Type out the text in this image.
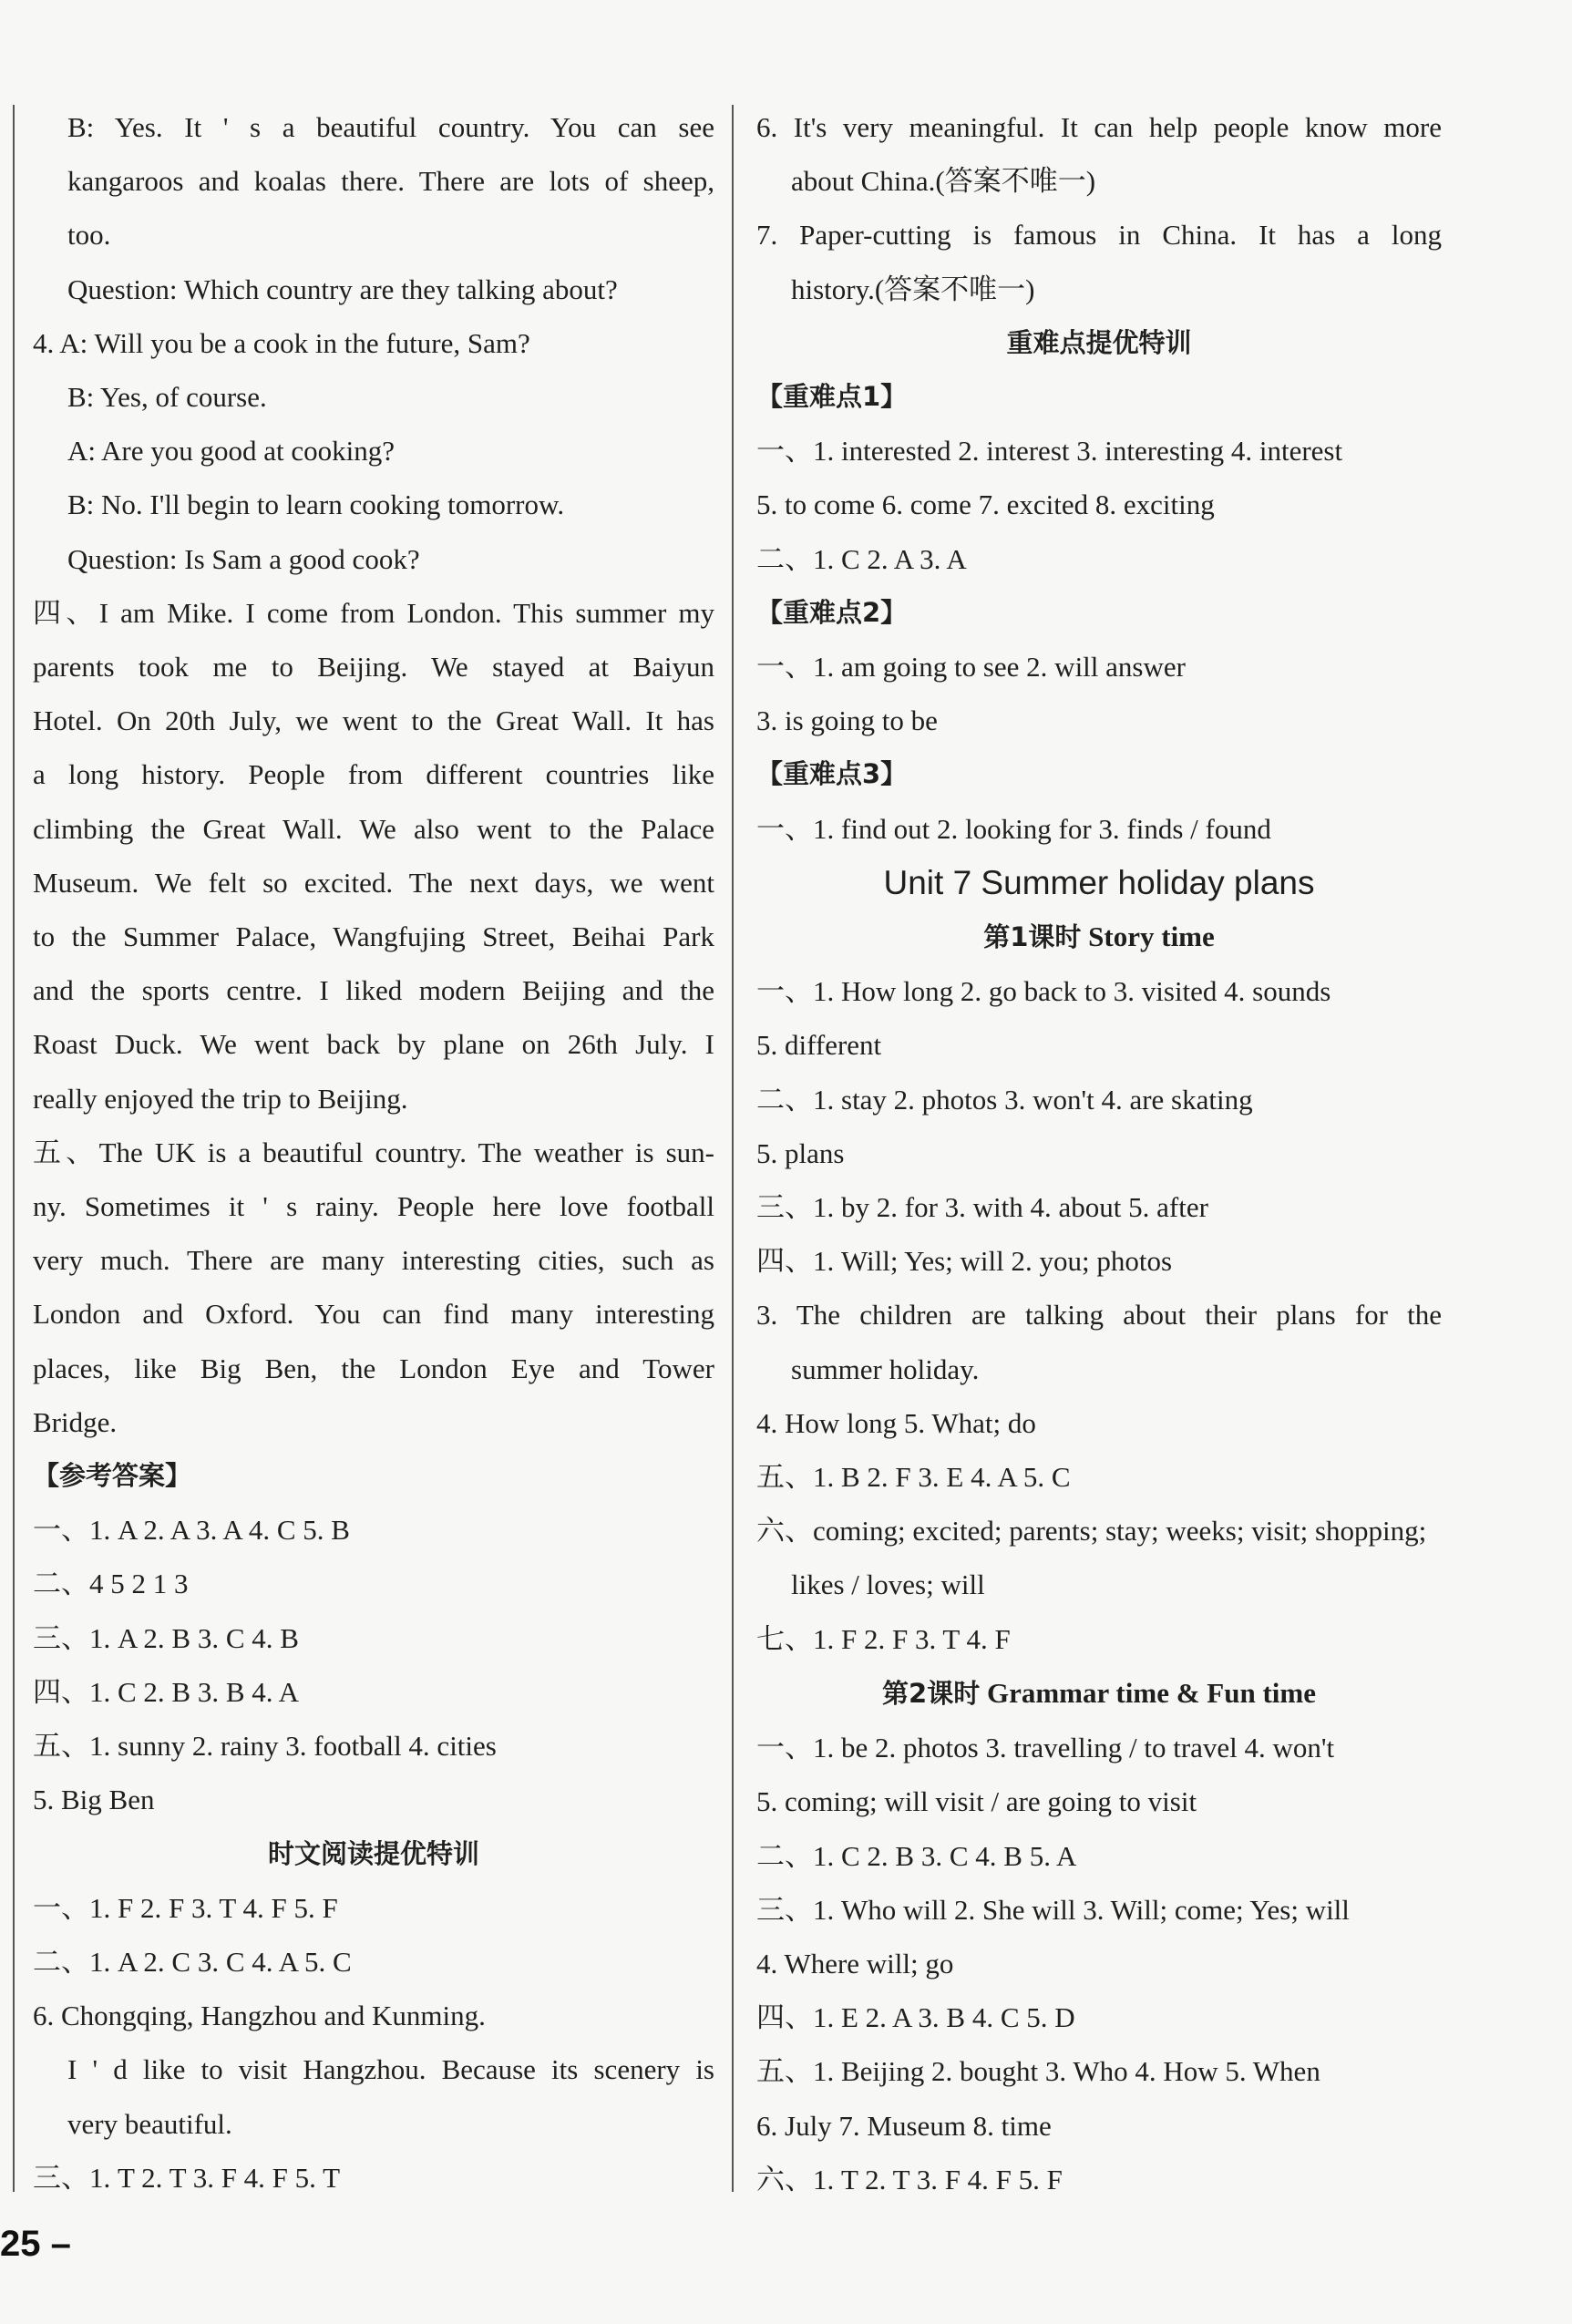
B: Yes. It ' s a beautiful country. You can see
kangaroos and koalas there. There are lots of sheep,
too.
Question: Which country are they talking about?
4. A: Will you be a cook in the future, Sam?
B: Yes, of course.
A: Are you good at cooking?
B: No. I'll begin to learn cooking tomorrow.
Question: Is Sam a good cook?
四、I am Mike. I come from London. This summer my
parents took me to Beijing. We stayed at Baiyun
Hotel. On 20th July, we went to the Great Wall. It has
a long history. People from different countries like
climbing the Great Wall. We also went to the Palace
Museum. We felt so excited. The next days, we went
to the Summer Palace, Wangfujing Street, Beihai Park
and the sports centre. I liked modern Beijing and the
Roast Duck. We went back by plane on 26th July. I
really enjoyed the trip to Beijing.
五、The UK is a beautiful country. The weather is sun-
ny. Sometimes it ' s rainy. People here love football
very much. There are many interesting cities, such as
London and Oxford. You can find many interesting
places, like Big Ben, the London Eye and Tower
Bridge.
【参考答案】
一、1. A 2. A 3. A 4. C 5. B
二、4 5 2 1 3
三、1. A 2. B 3. C 4. B
四、1. C 2. B 3. B 4. A
五、1. sunny 2. rainy 3. football 4. cities
5. Big Ben
时文阅读提优特训
一、1. F 2. F 3. T 4. F 5. F
二、1. A 2. C 3. C 4. A 5. C
6. Chongqing, Hangzhou and Kunming.
I ' d like to visit Hangzhou. Because its scenery is
very beautiful.
三、1. T 2. T 3. F 4. F 5. T
6. It's very meaningful. It can help people know more
about China.(答案不唯一)
7. Paper-cutting is famous in China. It has a long
history.(答案不唯一)
重难点提优特训
【重难点1】
一、1. interested 2. interest 3. interesting 4. interest
5. to come 6. come 7. excited 8. exciting
二、1. C 2. A 3. A
【重难点2】
一、1. am going to see 2. will answer
3. is going to be
【重难点3】
一、1. find out 2. looking for 3. finds / found
Unit 7 Summer holiday plans
第1课时 Story time
一、1. How long 2. go back to 3. visited 4. sounds
5. different
二、1. stay 2. photos 3. won't 4. are skating
5. plans
三、1. by 2. for 3. with 4. about 5. after
四、1. Will; Yes; will 2. you; photos
3. The children are talking about their plans for the
summer holiday.
4. How long 5. What; do
五、1. B 2. F 3. E 4. A 5. C
六、coming; excited; parents; stay; weeks; visit; shopping;
likes / loves; will
七、1. F 2. F 3. T 4. F
第2课时 Grammar time & Fun time
一、1. be 2. photos 3. travelling / to travel 4. won't
5. coming; will visit / are going to visit
二、1. C 2. B 3. C 4. B 5. A
三、1. Who will 2. She will 3. Will; come; Yes; will
4. Where will; go
四、1. E 2. A 3. B 4. C 5. D
五、1. Beijing 2. bought 3. Who 4. How 5. When
6. July 7. Museum 8. time
六、1. T 2. T 3. F 4. F 5. F
25 –
